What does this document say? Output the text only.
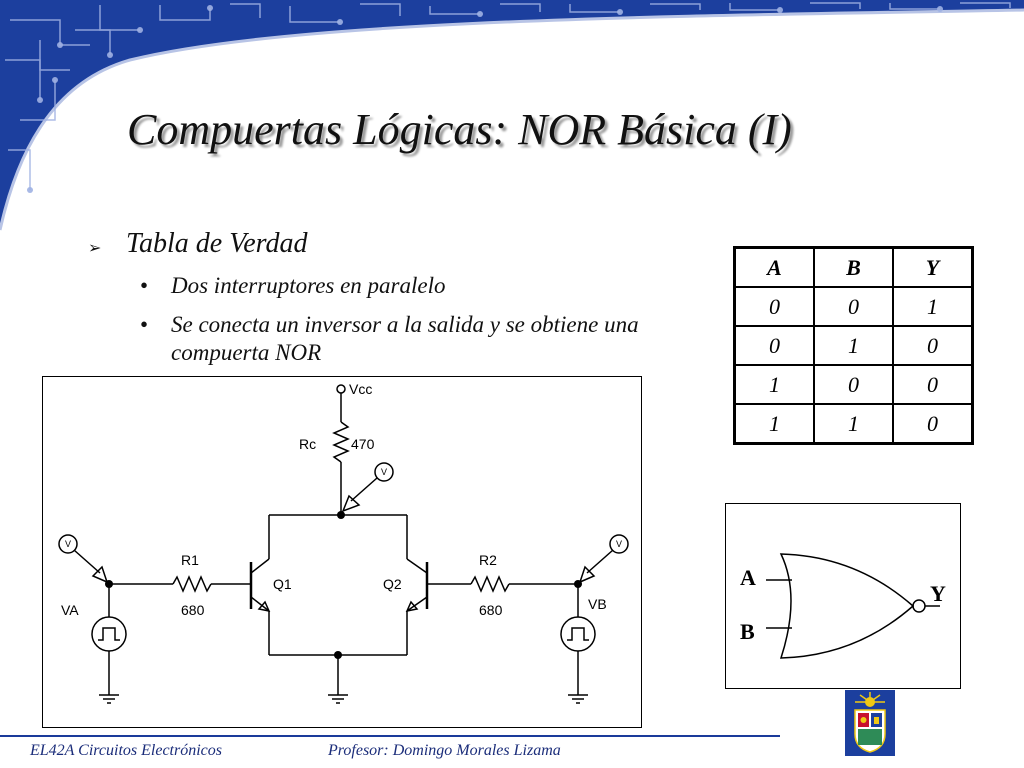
Compuertas Lógicas: NOR Básica (I)
➢ Tabla de Verdad
• Dos interruptores en paralelo
• Se conecta un inversor a la salida y se obtiene una compuerta NOR
A	B	Y
0	0	1
0	1	0
1	0	0
1	1	0
Vcc
Rc 470
R1
680
R2
680
Q1	Q2
VA	VB
V
V	V
A
B
Y
EL42A Circuitos Electrónicos	Profesor: Domingo Morales Lizama
